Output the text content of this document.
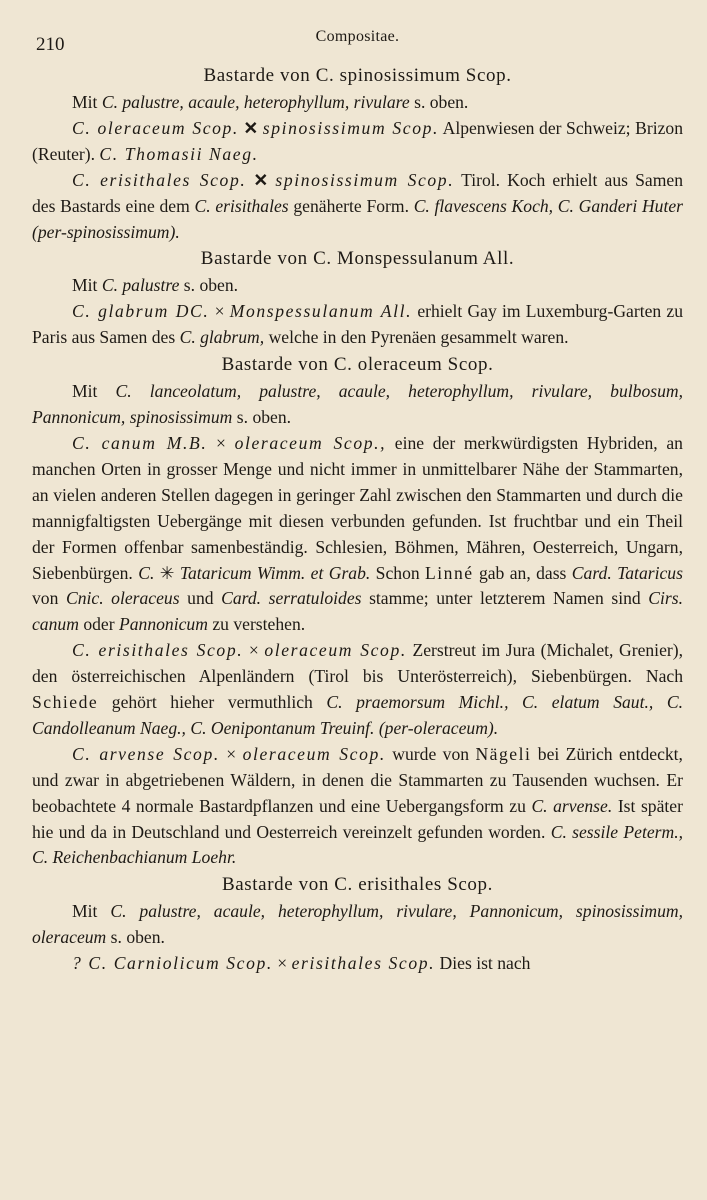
210	Compositae.
Bastarde von C. spinosissimum Scop.

Mit C. palustre, acaule, heterophyllum, rivulare s. oben.

C. oleraceum Scop. ✕ spinosissimum Scop. Alpenwiesen der Schweiz; Brizon (Reuter). C. Thomasii Naeg.

C. erisithales Scop. ✕ spinosissimum Scop. Tirol. Koch erhielt aus Samen des Bastards eine dem C. erisithales genäherte Form. C. flavescens Koch, C. Ganderi Huter (per-spinosissimum).

Bastarde von C. Monspessulanum All.

Mit C. palustre s. oben.

C. glabrum DC. × Monspessulanum All. erhielt Gay im Luxemburg-Garten zu Paris aus Samen des C. glabrum, welche in den Pyrenäen gesammelt waren.

Bastarde von C. oleraceum Scop.

Mit C. lanceolatum, palustre, acaule, heterophyllum, rivulare, bulbosum, Pannonicum, spinosissimum s. oben.

C. canum M.B. × oleraceum Scop., eine der merkwürdigsten Hybriden, an manchen Orten in grosser Menge und nicht immer in unmittelbarer Nähe der Stammarten, an vielen anderen Stellen dagegen in geringer Zahl zwischen den Stammarten und durch die mannigfaltigsten Uebergänge mit diesen verbunden gefunden. Ist fruchtbar und ein Theil der Formen offenbar samenbeständig. Schlesien, Böhmen, Mähren, Oesterreich, Ungarn, Siebenbürgen. C. ✳ Tataricum Wimm. et Grab. Schon Linné gab an, dass Card. Tataricus von Cnic. oleraceus und Card. serratuloides stamme; unter letzterem Namen sind Cirs. canum oder Pannonicum zu verstehen.

C. erisithales Scop. × oleraceum Scop. Zerstreut im Jura (Michalet, Grenier), den österreichischen Alpenländern (Tirol bis Unterösterreich), Siebenbürgen. Nach Schiede gehört hieher vermuthlich C. praemorsum Michl., C. elatum Saut., C. Candolleanum Naeg., C. Oenipontanum Treuinf. (per-oleraceum).

C. arvense Scop. × oleraceum Scop. wurde von Nägeli bei Zürich entdeckt, und zwar in abgetriebenen Wäldern, in denen die Stammarten zu Tausenden wuchsen. Er beobachtete 4 normale Bastardpflanzen und eine Uebergangsform zu C. arvense. Ist später hie und da in Deutschland und Oesterreich vereinzelt gefunden worden. C. sessile Peterm., C. Reichenbachianum Loehr.

Bastarde von C. erisithales Scop.

Mit C. palustre, acaule, heterophyllum, rivulare, Pannonicum, spinosissimum, oleraceum s. oben.

? C. Carniolicum Scop. × erisithales Scop. Dies ist nach
